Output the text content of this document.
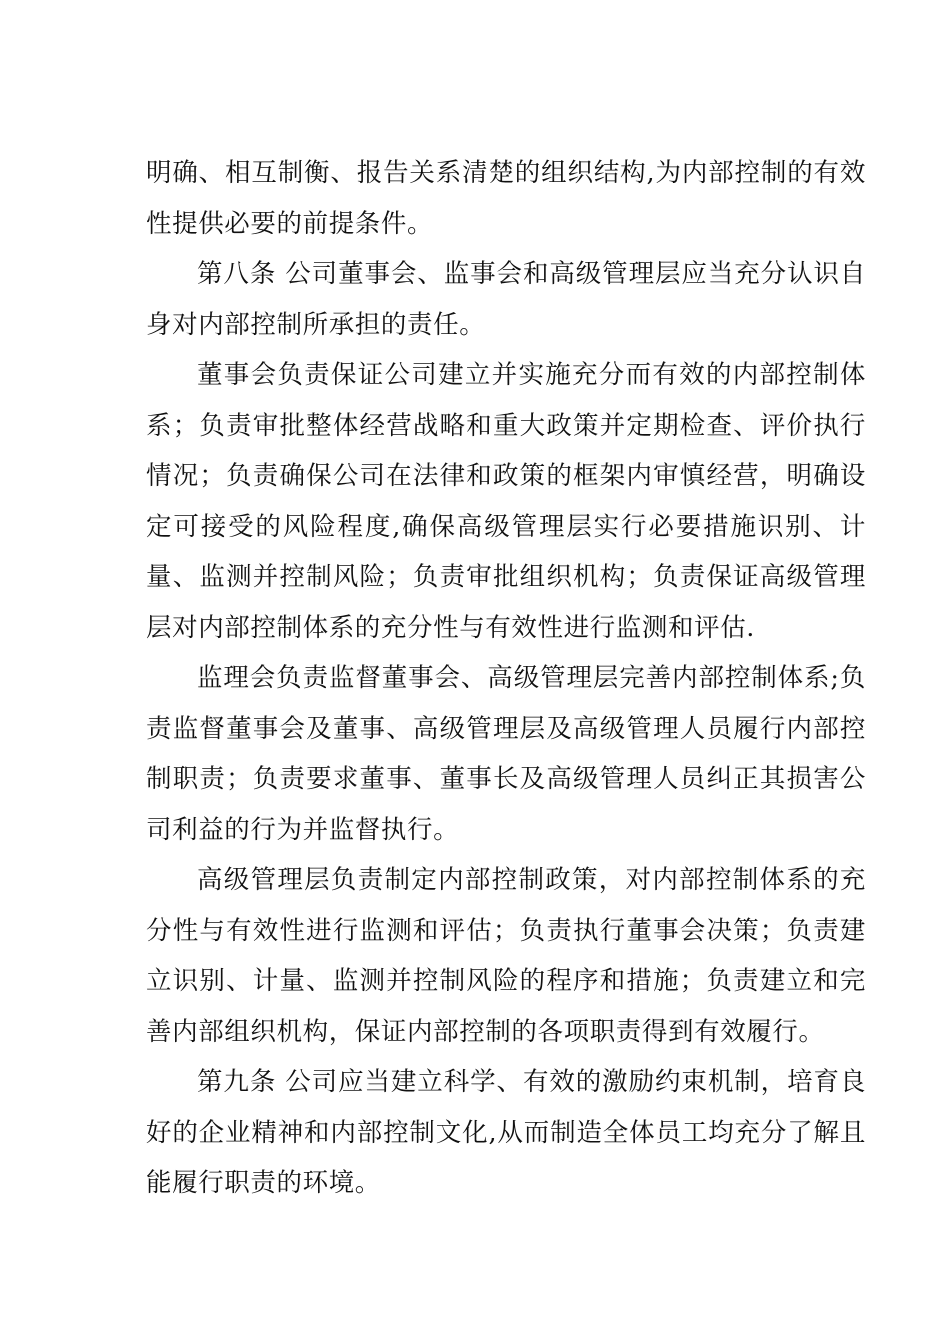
明确、相互制衡、报告关系清楚的组织结构,为内部控制的有效性提供必要的前提条件。

第八条 公司董事会、监事会和高级管理层应当充分认识自身对内部控制所承担的责任。

董事会负责保证公司建立并实施充分而有效的内部控制体系；负责审批整体经营战略和重大政策并定期检查、评价执行情况；负责确保公司在法律和政策的框架内审慎经营，明确设定可接受的风险程度,确保高级管理层实行必要措施识别、计量、监测并控制风险；负责审批组织机构；负责保证高级管理层对内部控制体系的充分性与有效性进行监测和评估.

监理会负责监督董事会、高级管理层完善内部控制体系;负责监督董事会及董事、高级管理层及高级管理人员履行内部控制职责；负责要求董事、董事长及高级管理人员纠正其损害公司利益的行为并监督执行。

高级管理层负责制定内部控制政策，对内部控制体系的充分性与有效性进行监测和评估；负责执行董事会决策；负责建立识别、计量、监测并控制风险的程序和措施；负责建立和完善内部组织机构，保证内部控制的各项职责得到有效履行。

第九条 公司应当建立科学、有效的激励约束机制，培育良好的企业精神和内部控制文化,从而制造全体员工均充分了解且能履行职责的环境。
